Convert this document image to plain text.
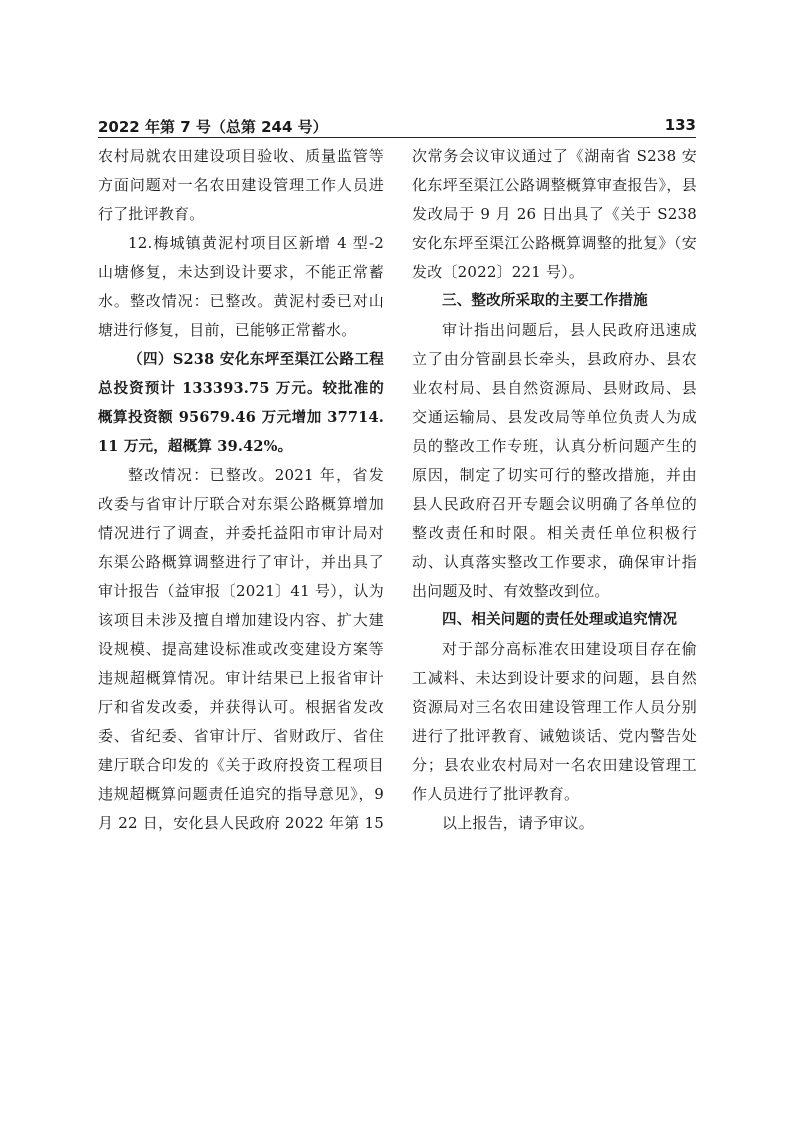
2022 年第 7 号（总第 244 号）	133

农村局就农田建设项目验收、质量监管等方面问题对一名农田建设管理工作人员进行了批评教育。

12.梅城镇黄泥村项目区新增 4 型-2 山塘修复，未达到设计要求，不能正常蓄水。整改情况：已整改。黄泥村委已对山塘进行修复，目前，已能够正常蓄水。

（四）S238 安化东坪至渠江公路工程总投资预计 133393.75 万元。较批准的概算投资额 95679.46 万元增加 37714.11 万元，超概算 39.42%。

整改情况：已整改。2021 年，省发改委与省审计厅联合对东渠公路概算增加情况进行了调查，并委托益阳市审计局对东渠公路概算调整进行了审计，并出具了审计报告（益审报〔2021〕41 号），认为该项目未涉及擅自增加建设内容、扩大建设规模、提高建设标准或改变建设方案等违规超概算情况。审计结果已上报省审计厅和省发改委，并获得认可。根据省发改委、省纪委、省审计厅、省财政厅、省住建厅联合印发的《关于政府投资工程项目违规超概算问题责任追究的指导意见》，9 月 22 日，安化县人民政府 2022 年第 15

次常务会议审议通过了《湖南省 S238 安化东坪至渠江公路调整概算审查报告》，县发改局于 9 月 26 日出具了《关于 S238 安化东坪至渠江公路概算调整的批复》（安发改〔2022〕221 号）。

三、整改所采取的主要工作措施

审计指出问题后，县人民政府迅速成立了由分管副县长牵头，县政府办、县农业农村局、县自然资源局、县财政局、县交通运输局、县发改局等单位负责人为成员的整改工作专班，认真分析问题产生的原因，制定了切实可行的整改措施，并由县人民政府召开专题会议明确了各单位的整改责任和时限。相关责任单位积极行动、认真落实整改工作要求，确保审计指出问题及时、有效整改到位。

四、相关问题的责任处理或追究情况

对于部分高标准农田建设项目存在偷工减料、未达到设计要求的问题，县自然资源局对三名农田建设管理工作人员分别进行了批评教育、诫勉谈话、党内警告处分；县农业农村局对一名农田建设管理工作人员进行了批评教育。

以上报告，请予审议。
